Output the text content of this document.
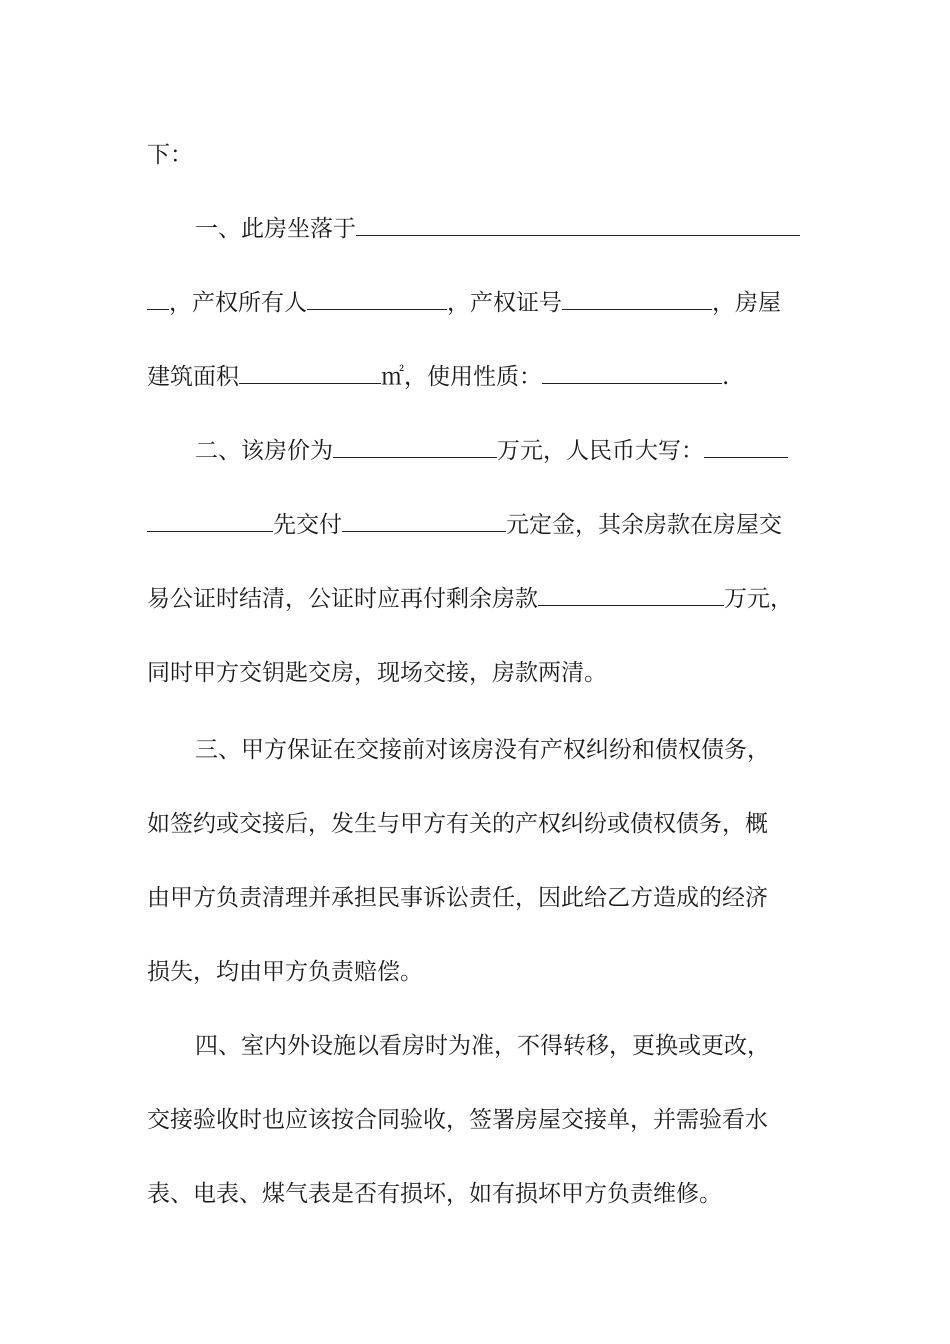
下：
一、此房坐落于
，产权所有人	，产权证号	，房屋
建筑面积	㎡，使用性质：	.
二、该房价为	万元，人民币大写：
先交付	元定金，其余房款在房屋交
易公证时结清，公证时应再付剩余房款	万元，
同时甲方交钥匙交房，现场交接，房款两清。
三、甲方保证在交接前对该房没有产权纠纷和债权债务，
如签约或交接后，发生与甲方有关的产权纠纷或债权债务，概
由甲方负责清理并承担民事诉讼责任，因此给乙方造成的经济
损失，均由甲方负责赔偿。
四、室内外设施以看房时为准，不得转移，更换或更改，
交接验收时也应该按合同验收，签署房屋交接单，并需验看水
表、电表、煤气表是否有损坏，如有损坏甲方负责维修。
